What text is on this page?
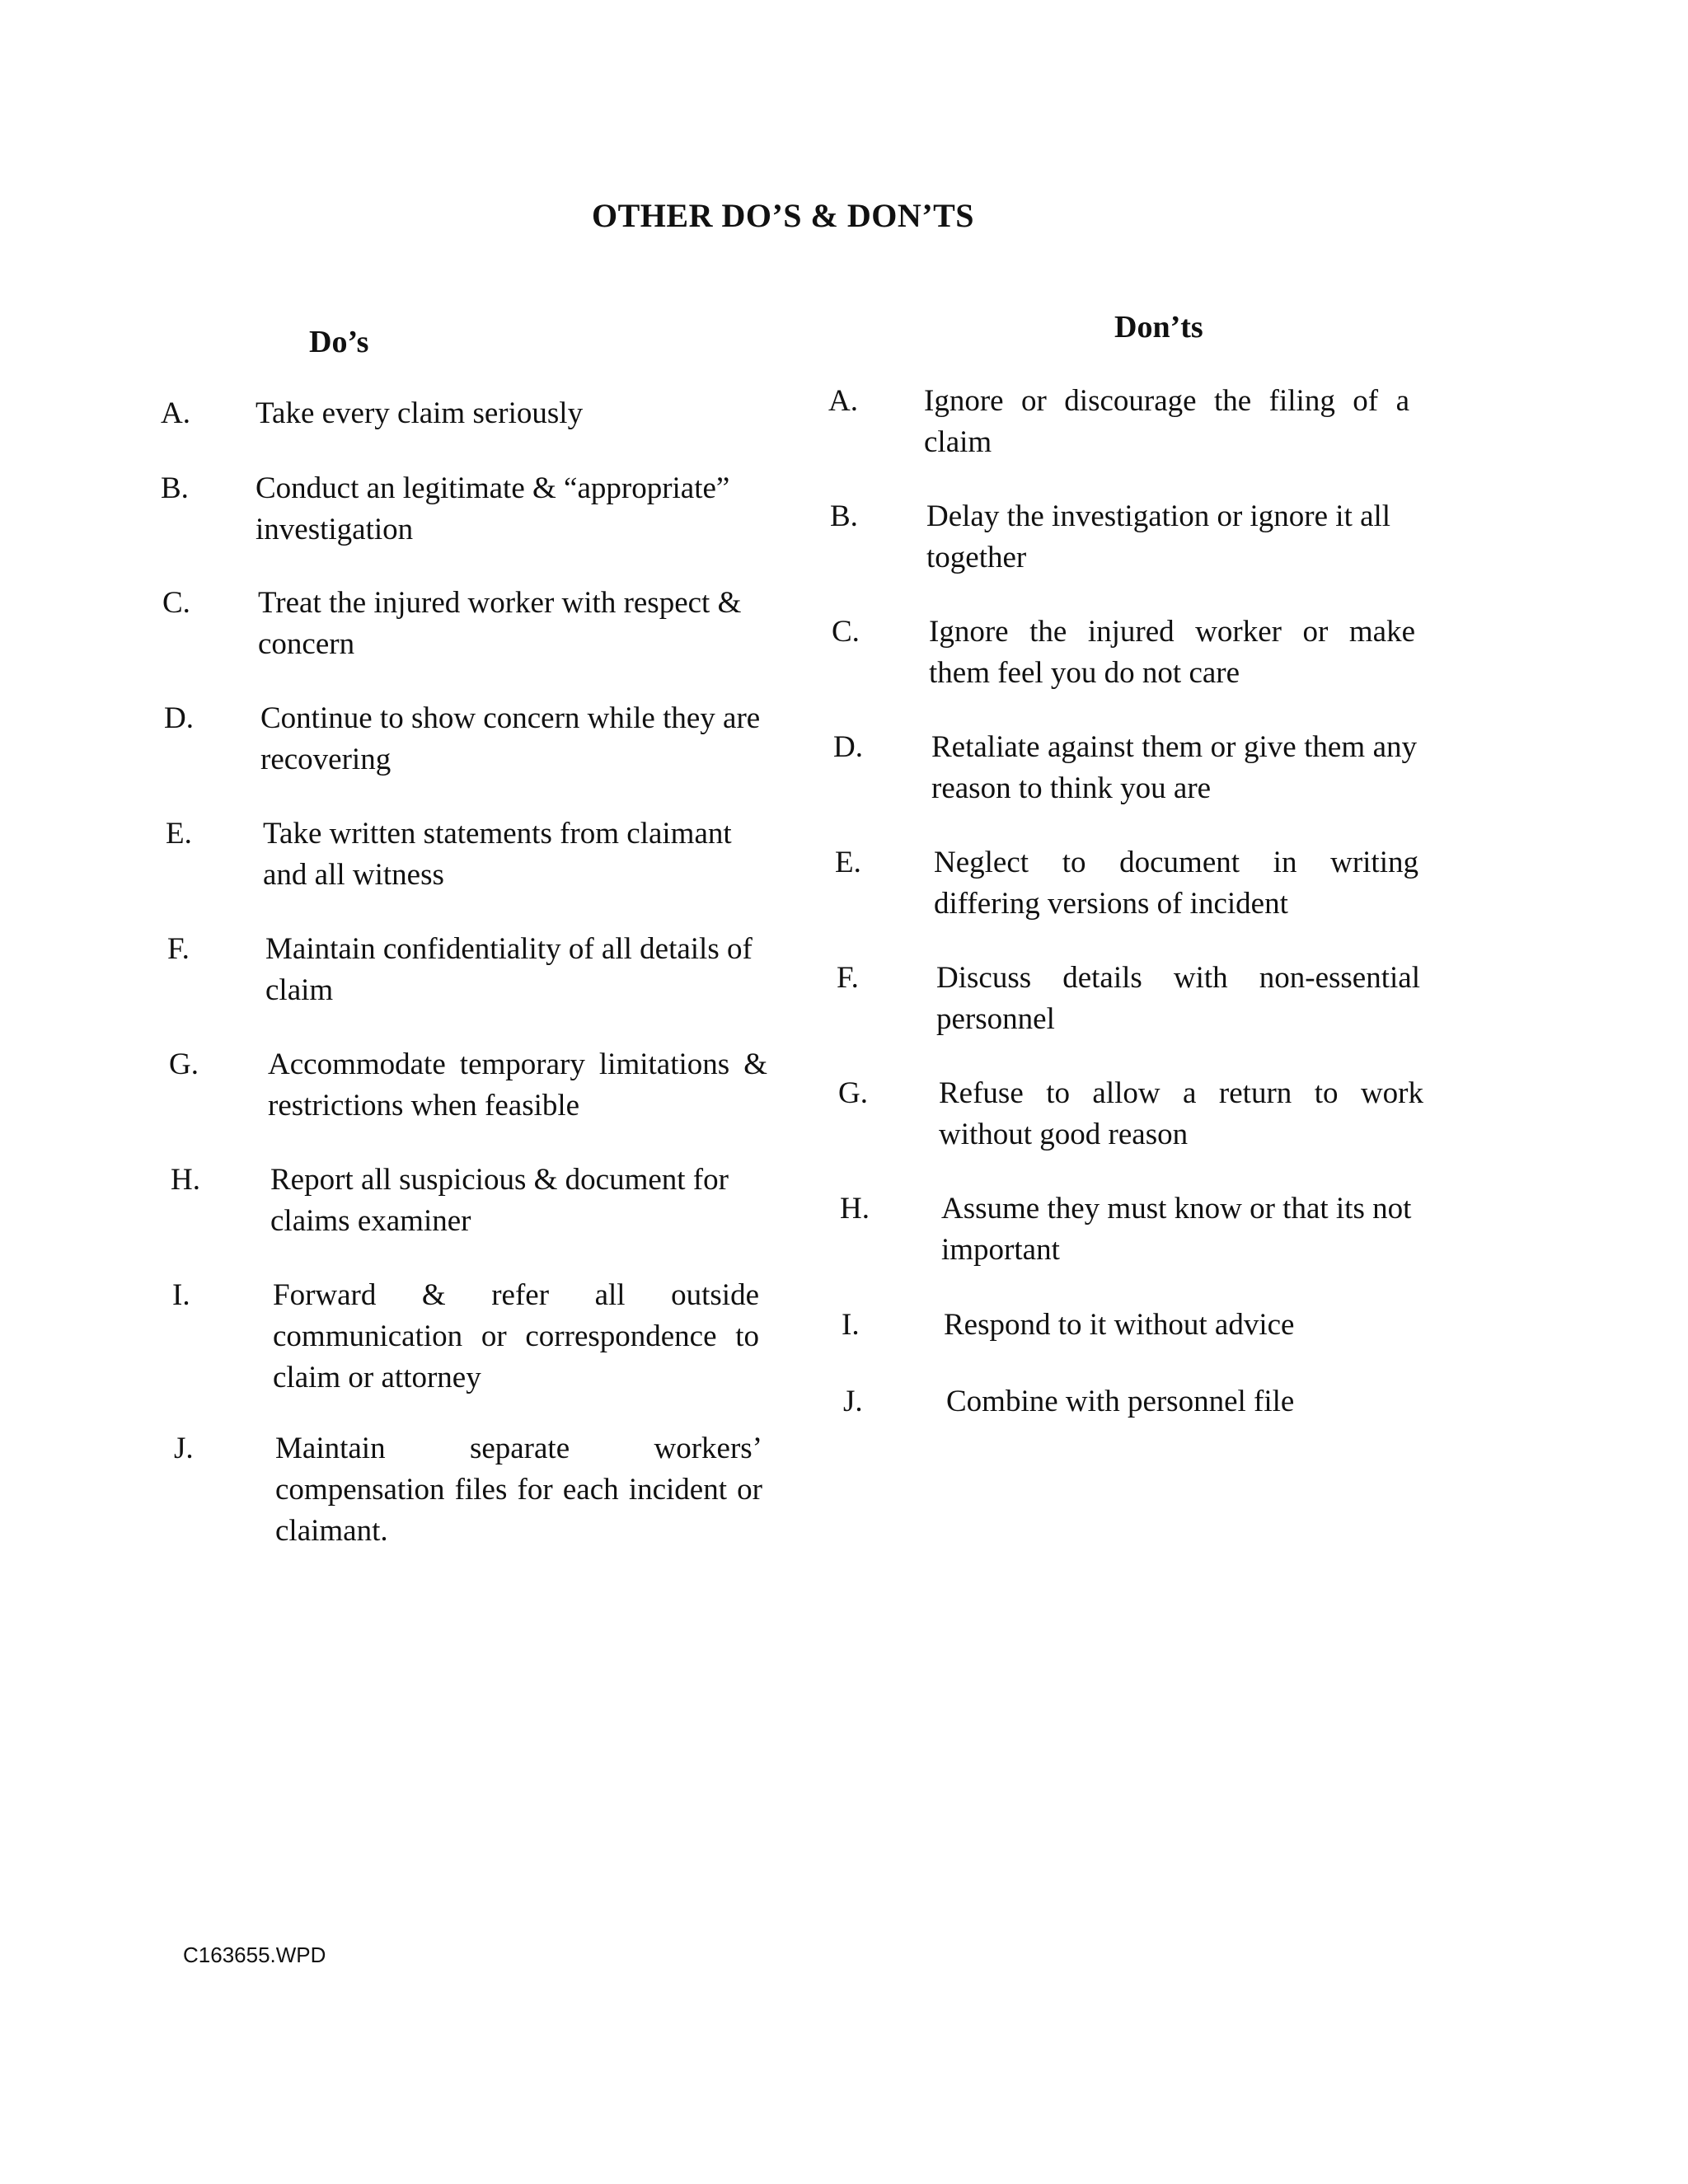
OTHER DO’S & DON’TS
Do’s	Don’ts
A.	Take every claim seriously
B.	Conduct an legitimate & “appropriate” investigation
C.	Treat the injured worker with respect & concern
D.	Continue to show concern while they are recovering
E.	Take written statements from claimant and all witness
F.	Maintain confidentiality of all details of claim
G.	Accommodate temporary limitations & restrictions when feasible
H.	Report all suspicious & document for claims examiner
I.	Forward & refer all outside communication or correspondence to claim or attorney
J.	Maintain separate workers’ compensation files for each incident or claimant.
A.	Ignore or discourage the filing of a claim
B.	Delay the investigation or ignore it all together
C.	Ignore the injured worker or make them feel you do not care
D.	Retaliate against them or give them any reason to think you are
E.	Neglect to document in writing differing versions of incident
F.	Discuss details with non-essential personnel
G.	Refuse to allow a return to work without good reason
H.	Assume they must know or that its not important
I.	Respond to it without advice
J.	Combine with personnel file
C163655.WPD
